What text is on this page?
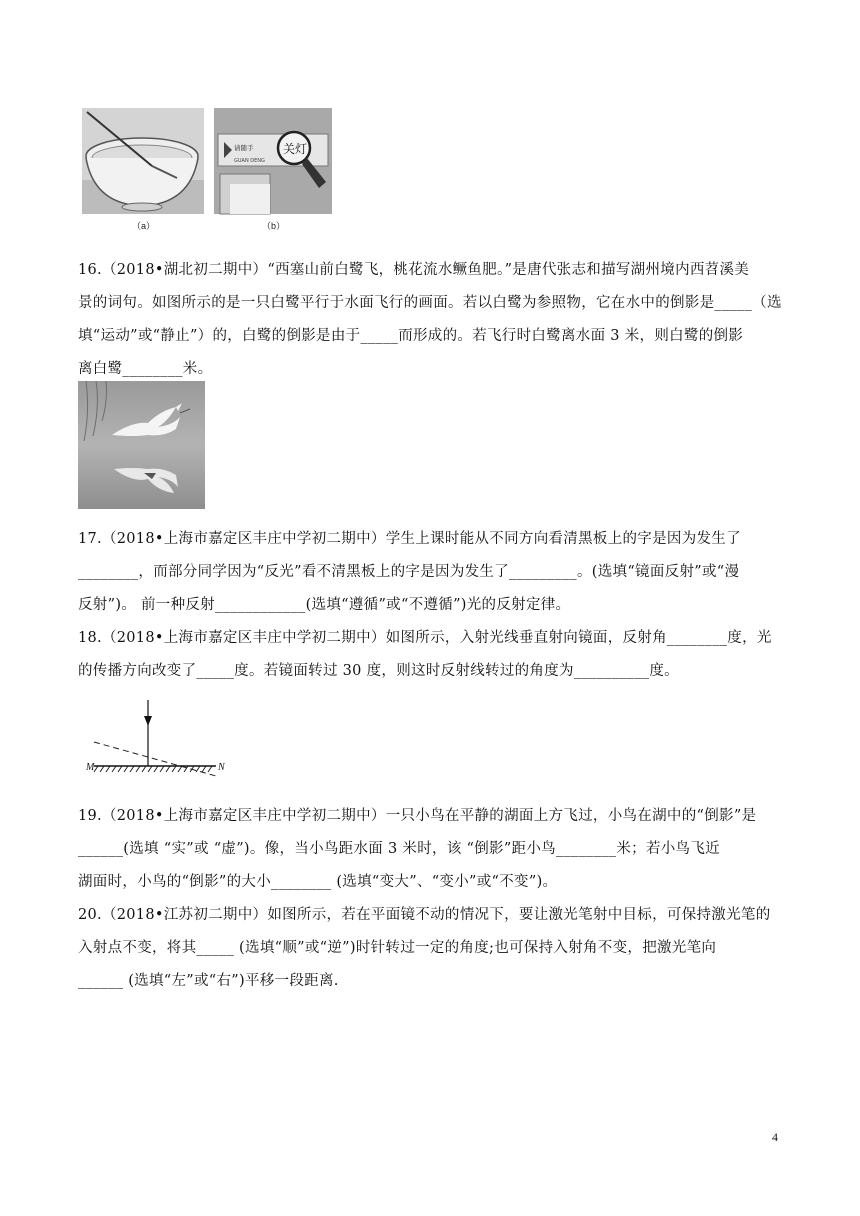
（a）
请随手
GUAN DENG
关灯
（b）

16.（2018•湖北初二期中）“西塞山前白鹭飞，桃花流水鳜鱼肥。”是唐代张志和描写湖州境内西苕溪美

景的词句。如图所示的是一只白鹭平行于水面飞行的画面。若以白鹭为参照物，它在水中的倒影是_____（选

填“运动”或“静止”）的，白鹭的倒影是由于_____而形成的。若飞行时白鹭离水面 3 米，则白鹭的倒影

离白鹭________米。

17.（2018•上海市嘉定区丰庄中学初二期中）学生上课时能从不同方向看清黑板上的字是因为发生了

________，而部分同学因为“反光”看不清黑板上的字是因为发生了_________。(选填“镜面反射”或“漫

反射”)。 前一种反射____________(选填“遵循”或“不遵循”)光的反射定律。

18.（2018•上海市嘉定区丰庄中学初二期中）如图所示，入射光线垂直射向镜面，反射角________度，光

的传播方向改变了_____度。若镜面转过 30 度，则这时反射线转过的角度为__________度。

M	N

19.（2018•上海市嘉定区丰庄中学初二期中）一只小鸟在平静的湖面上方飞过，小鸟在湖中的“倒影”是

______(选填 “实”或 “虚”)。像，当小鸟距水面 3 米时，该 “倒影”距小鸟________米；若小鸟飞近

湖面时，小鸟的“倒影”的大小________ (选填“变大”、“变小”或“不变”)。

20.（2018•江苏初二期中）如图所示，若在平面镜不动的情况下，要让激光笔射中目标，可保持激光笔的

入射点不变，将其_____ (选填“顺”或“逆”)时针转过一定的角度;也可保持入射角不变，把激光笔向

______ (选填“左”或“右”)平移一段距离.

4
